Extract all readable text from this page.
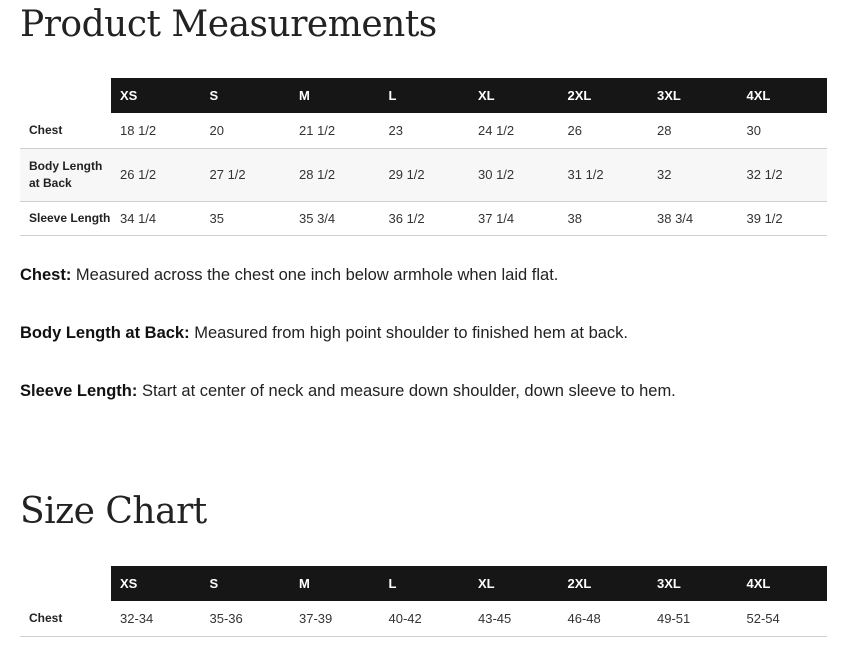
Product Measurements
	XS	S	M	L	XL	2XL	3XL	4XL
Chest	18 1/2	20	21 1/2	23	24 1/2	26	28	30
Body Length at Back	26 1/2	27 1/2	28 1/2	29 1/2	30 1/2	31 1/2	32	32 1/2
Sleeve Length	34 1/4	35	35 3/4	36 1/2	37 1/4	38	38 3/4	39 1/2

Chest: Measured across the chest one inch below armhole when laid flat.

Body Length at Back: Measured from high point shoulder to finished hem at back.

Sleeve Length: Start at center of neck and measure down shoulder, down sleeve to hem.

Size Chart
	XS	S	M	L	XL	2XL	3XL	4XL
Chest	32-34	35-36	37-39	40-42	43-45	46-48	49-51	52-54
